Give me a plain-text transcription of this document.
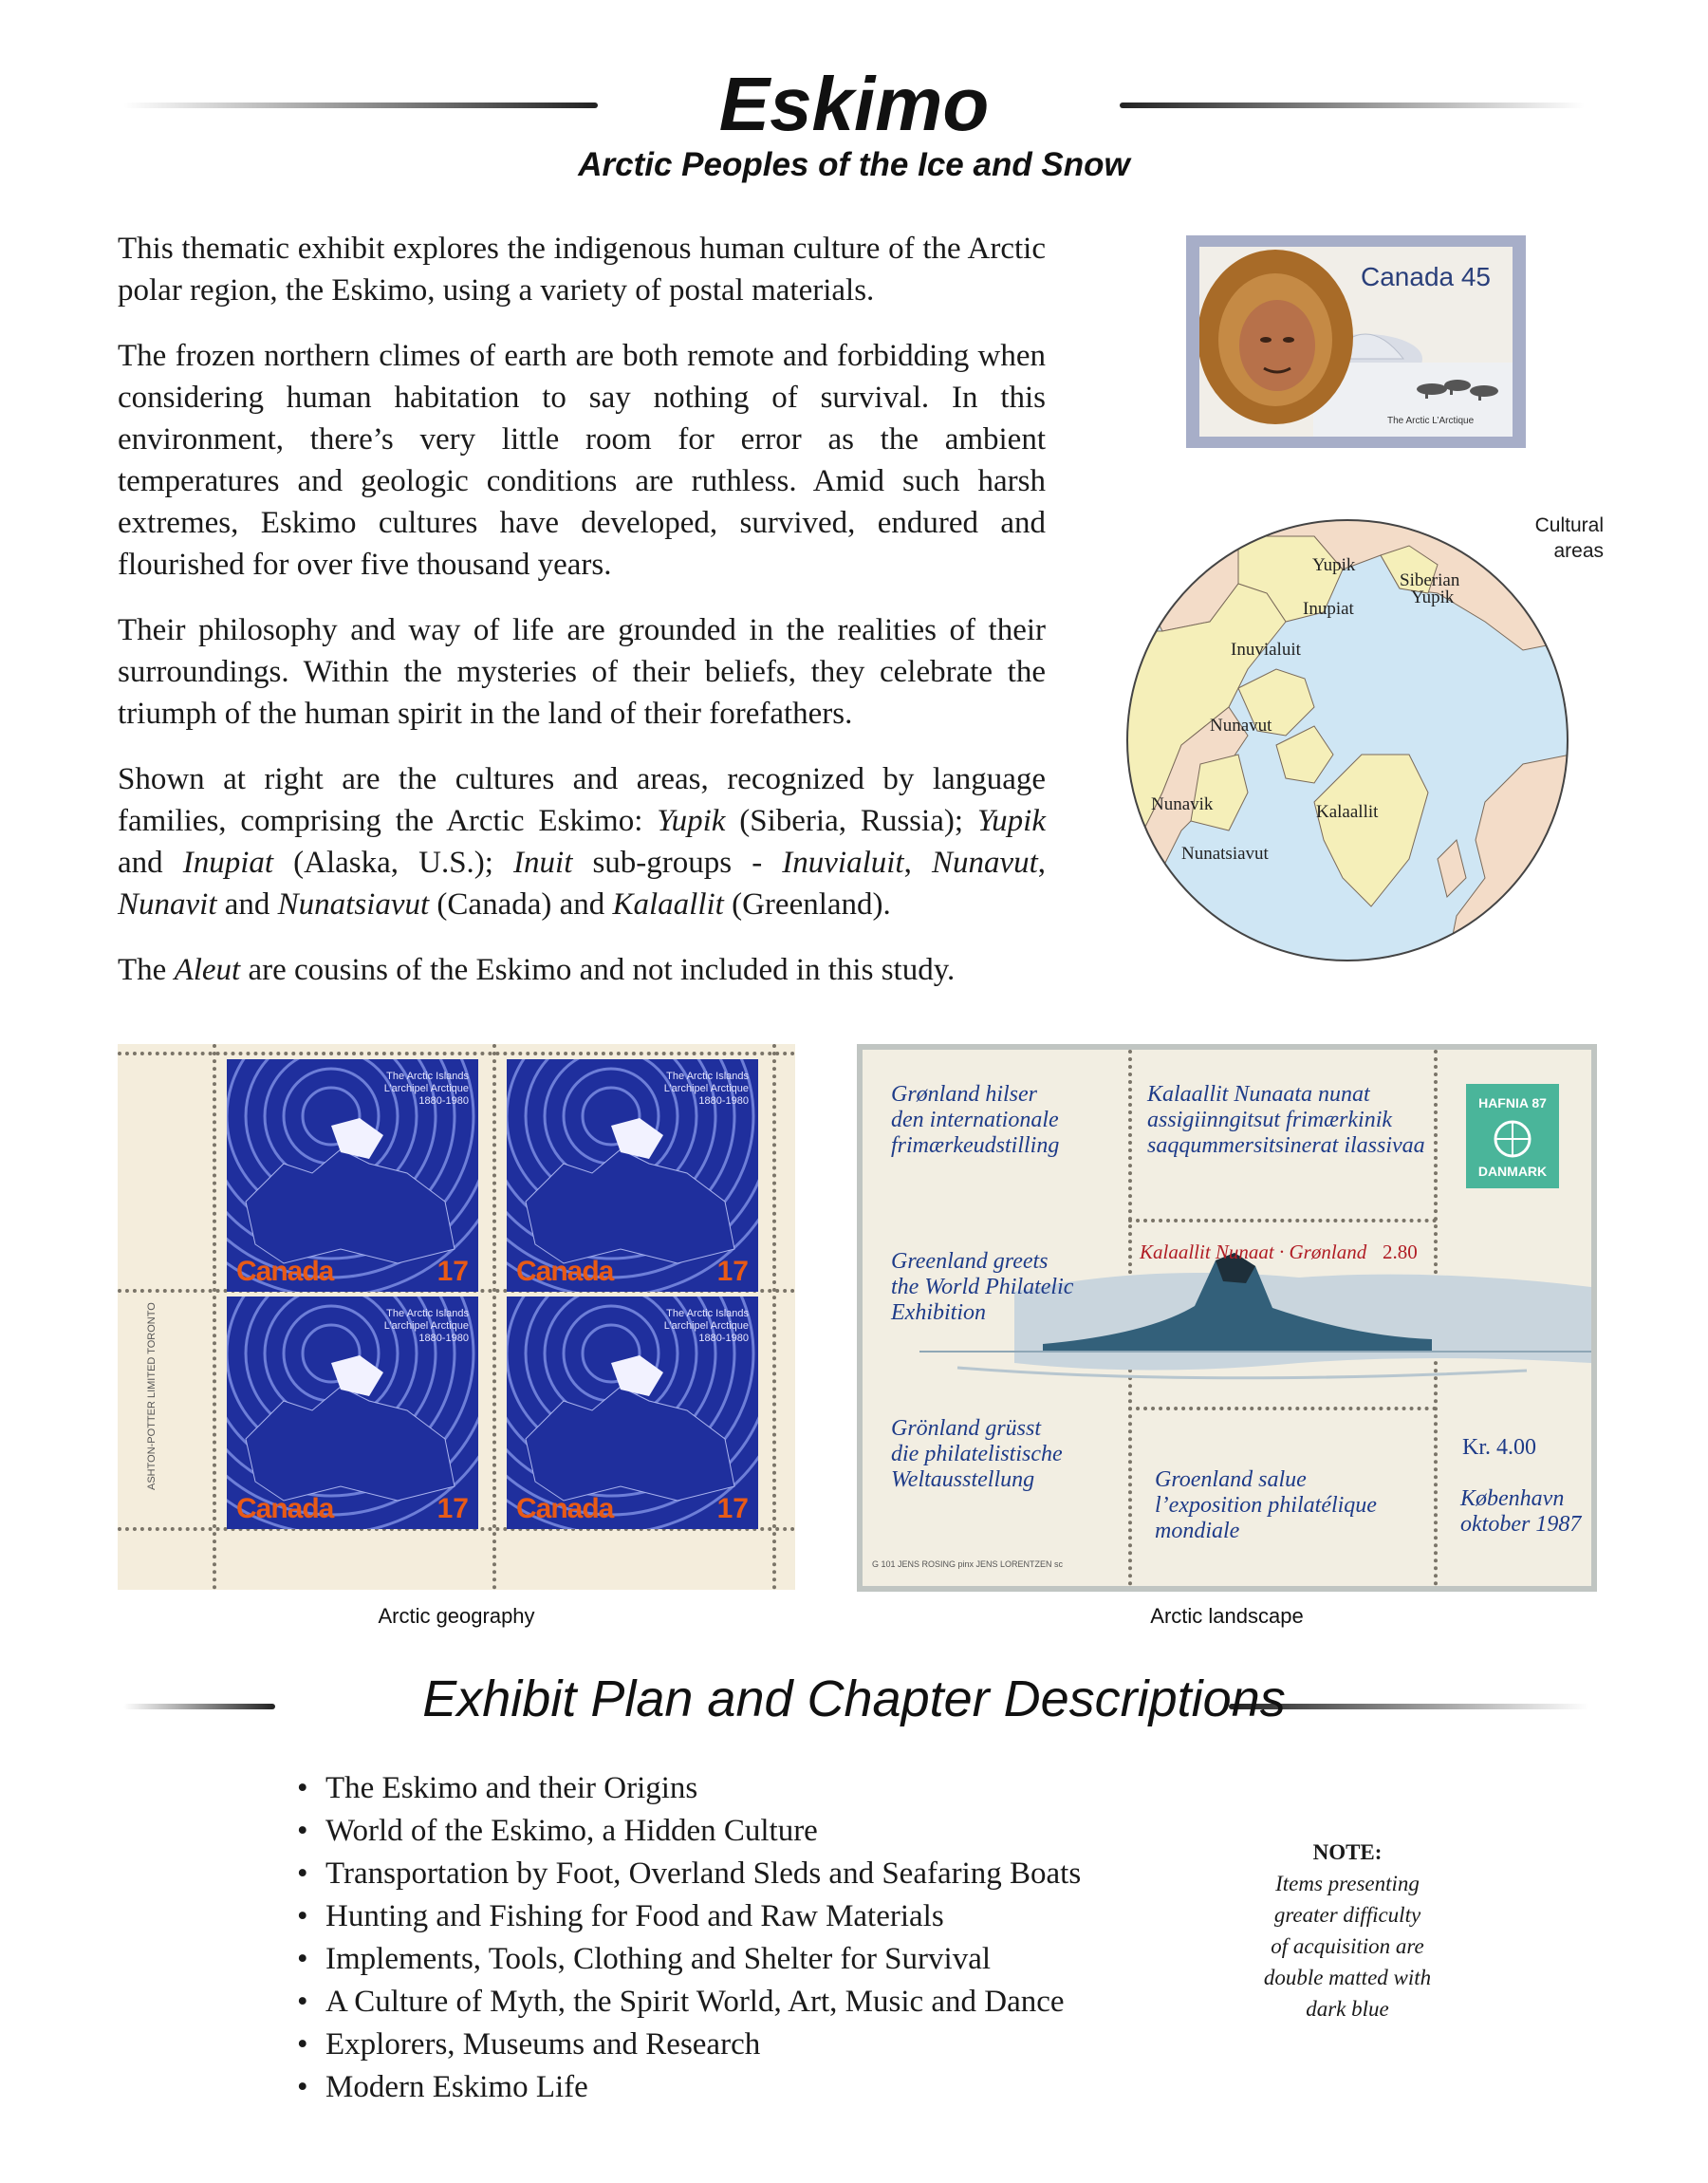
Eskimo
Arctic Peoples of the Ice and Snow

This thematic exhibit explores the indigenous human culture of the Arctic polar region, the Eskimo, using a variety of postal materials.

The frozen northern climes of earth are both remote and forbidding when considering human habitation to say nothing of survival. In this environment, there’s very little room for error as the ambient temperatures and geologic conditions are ruthless. Amid such harsh extremes, Eskimo cultures have developed, survived, endured and flourished for over five thousand years.

Their philosophy and way of life are grounded in the realities of their surroundings. Within the mysteries of their beliefs, they celebrate the triumph of the human spirit in the land of their forefathers.

Shown at right are the cultures and areas, recognized by language families, comprising the Arctic Eskimo: Yupik (Siberia, Russia); Yupik and Inupiat (Alaska, U.S.); Inuit sub-groups - Inuvialuit, Nunavut, Nunavit and Nunatsiavut (Canada) and Kalaallit (Greenland).

The Aleut are cousins of the Eskimo and not included in this study.

Canada 45
The Arctic L’Arctique
Cultural
areas
Yupik
Inupiat
Siberian
Yupik
Inuvialuit
Nunavut
Nunavik
Nunatsiavut
Kalaallit
The Arctic Islands
L’archipel Arctique
1880-1980
Canada	17
The Arctic Islands
L’archipel Arctique
1880-1980
Canada	17
The Arctic Islands
L’archipel Arctique
1880-1980
Canada	17
The Arctic Islands
L’archipel Arctique
1880-1980
Canada	17
ASHTON-POTTER LIMITED TORONTO
Arctic geography
Grønland hilser
den internationale
frimærkeudstilling
Kalaallit Nunaata nunat
assigiinngitsut frimærkinik
saqqummersitsinerat ilassivaa
HAFNIA 87
DANMARK
Greenland greets
the World Philatelic
Exhibition
Kalaallit Nunaat · Grønland 2.80
Grönland grüsst
die philatelistische
Weltausstellung	Groenland salue
l’exposition philatélique
mondiale
Kr. 4.00
København
oktober 1987
G 101 JENS ROSING pinx JENS LORENTZEN sc
Arctic landscape
Exhibit Plan and Chapter Descriptions
• The Eskimo and their Origins
• World of the Eskimo, a Hidden Culture
• Transportation by Foot, Overland Sleds and Seafaring Boats
• Hunting and Fishing for Food and Raw Materials
• Implements, Tools, Clothing and Shelter for Survival
• A Culture of Myth, the Spirit World, Art, Music and Dance
• Explorers, Museums and Research
• Modern Eskimo Life
NOTE:
Items presenting
greater difficulty
of acquisition are
double matted with
dark blue
